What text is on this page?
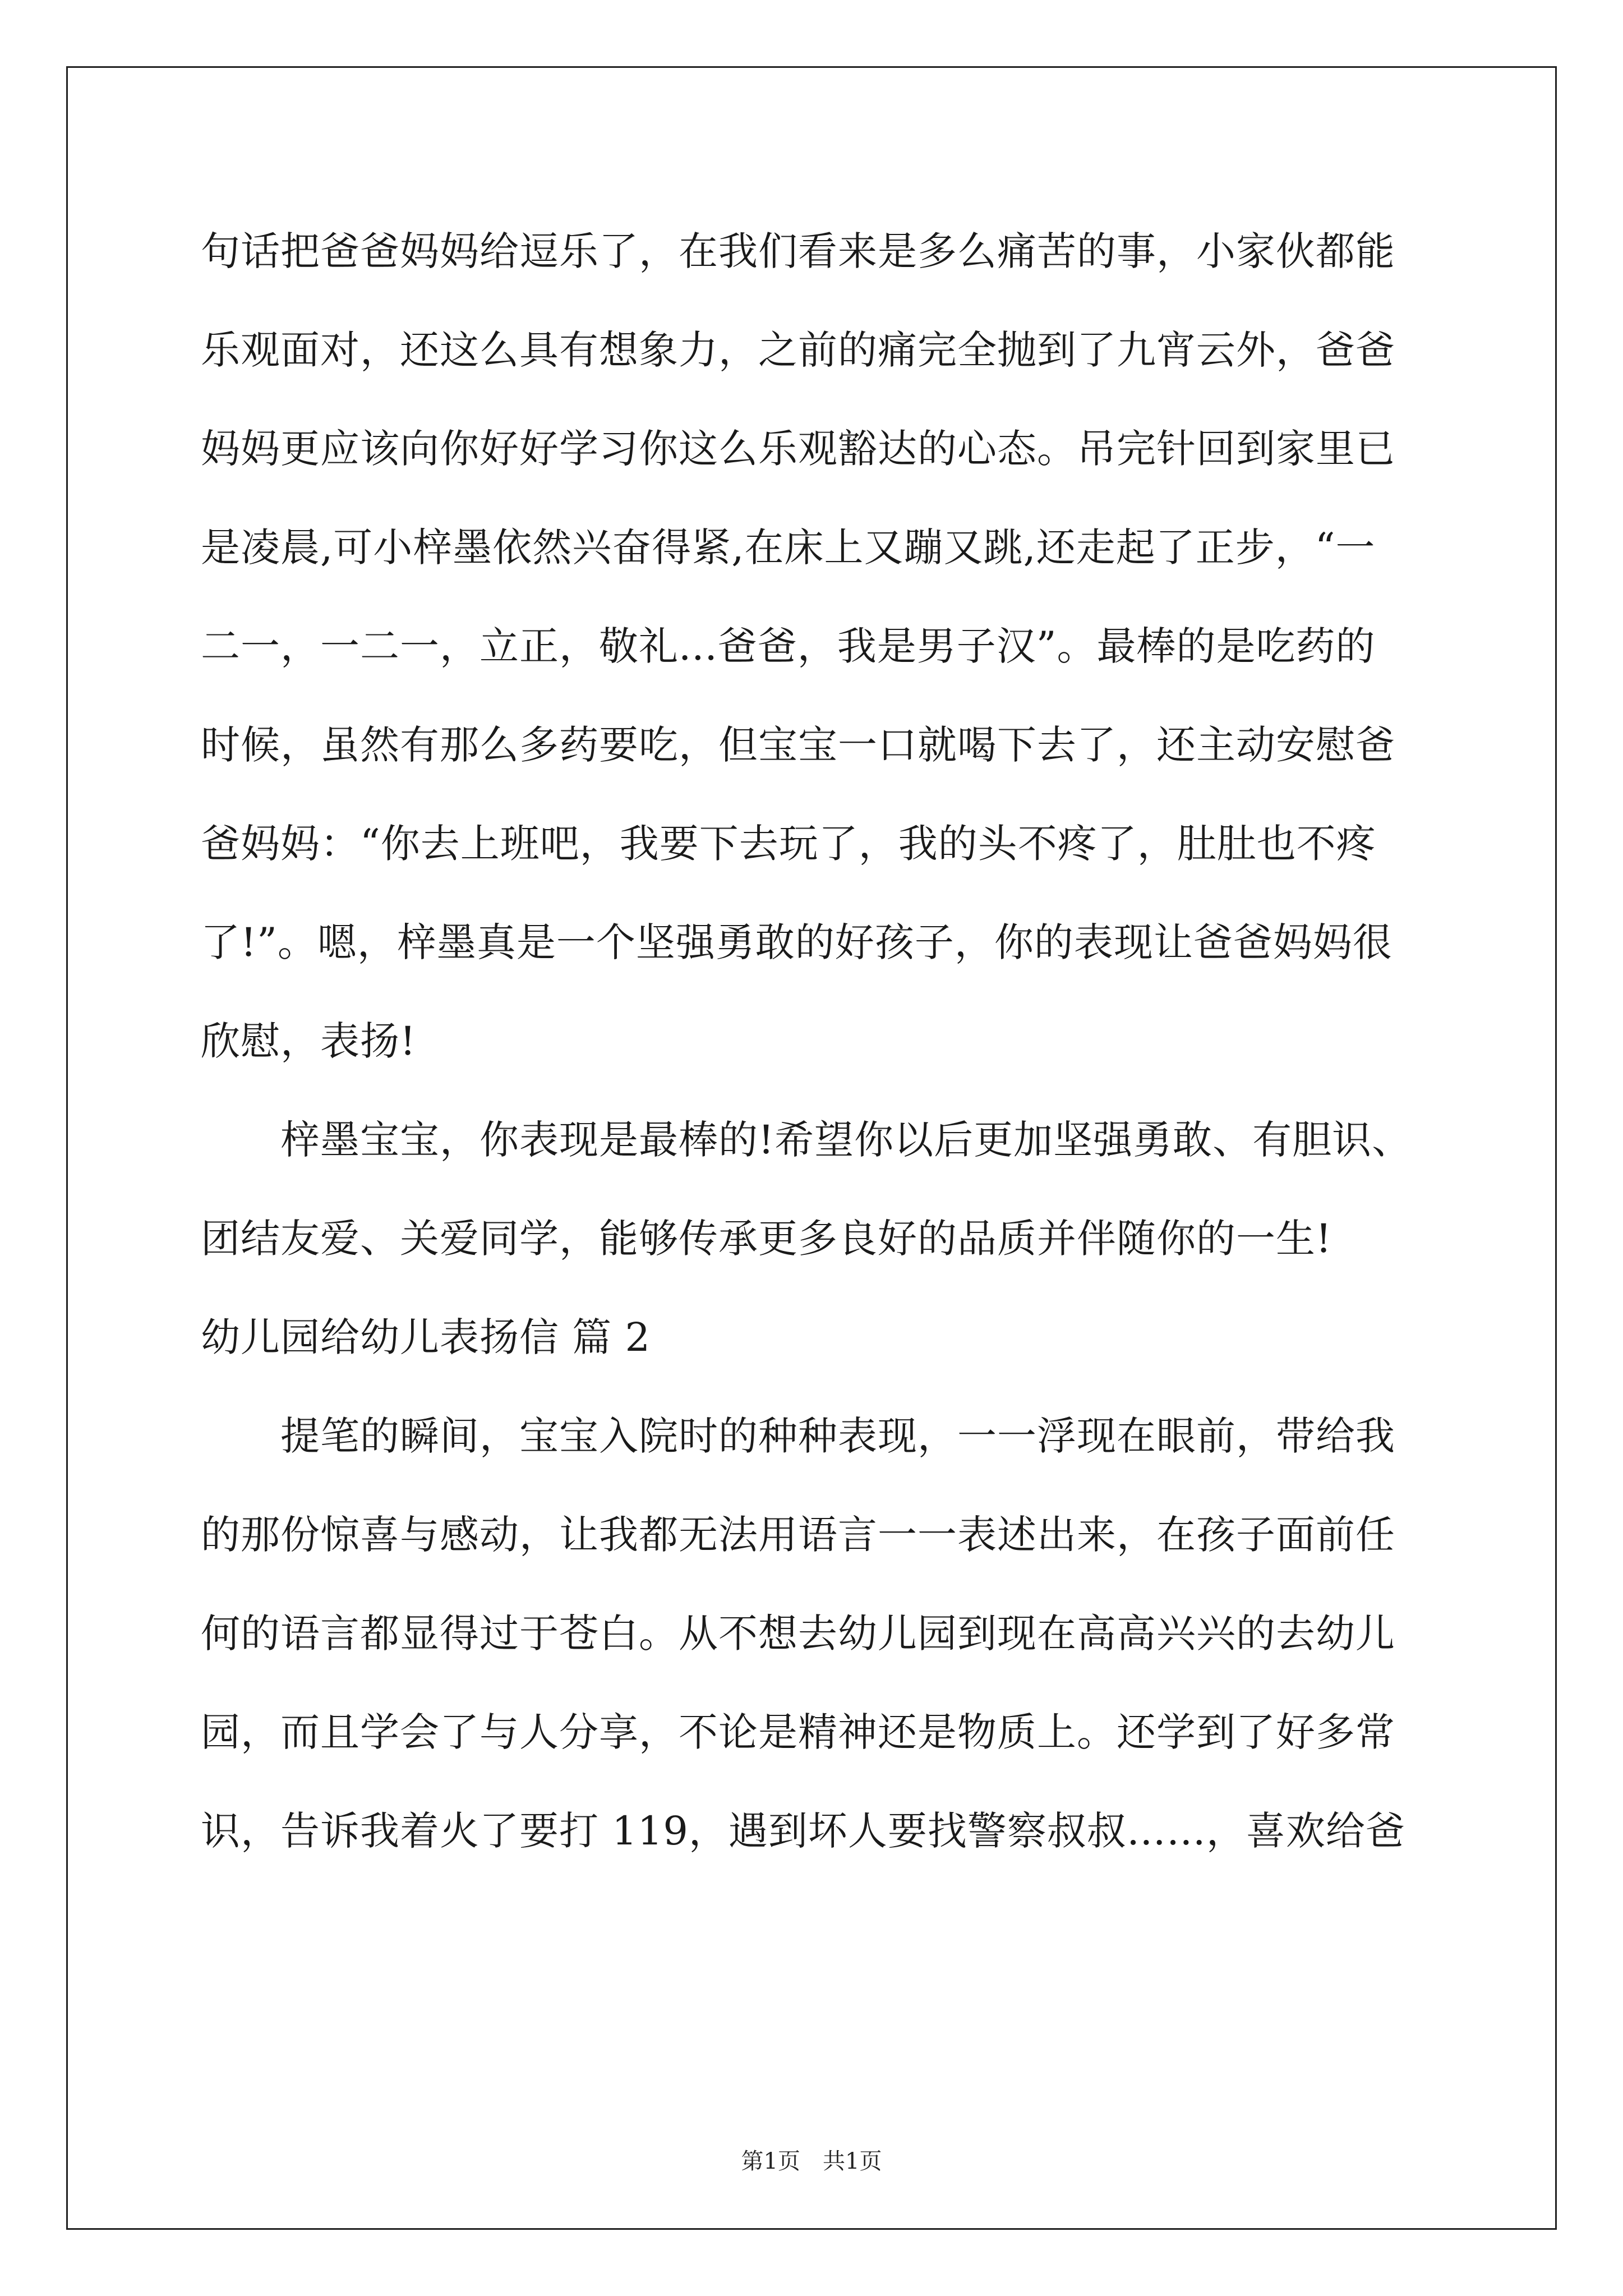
句话把爸爸妈妈给逗乐了，在我们看来是多么痛苦的事，小家伙都能
乐观面对，还这么具有想象力，之前的痛完全抛到了九宵云外，爸爸
妈妈更应该向你好好学习你这么乐观豁达的心态。吊完针回到家里已
是凌晨,可小梓墨依然兴奋得紧,在床上又蹦又跳,还走起了正步，“一
二一，一二一，立正，敬礼...爸爸，我是男子汉”。最棒的是吃药的
时候，虽然有那么多药要吃，但宝宝一口就喝下去了，还主动安慰爸
爸妈妈：“你去上班吧，我要下去玩了，我的头不疼了，肚肚也不疼
了!”。嗯，梓墨真是一个坚强勇敢的好孩子，你的表现让爸爸妈妈很
欣慰，表扬!
梓墨宝宝，你表现是最棒的!希望你以后更加坚强勇敢、有胆识、
团结友爱、关爱同学，能够传承更多良好的品质并伴随你的一生!
幼儿园给幼儿表扬信 篇 2
提笔的瞬间，宝宝入院时的种种表现，一一浮现在眼前，带给我
的那份惊喜与感动，让我都无法用语言一一表述出来，在孩子面前任
何的语言都显得过于苍白。从不想去幼儿园到现在高高兴兴的去幼儿
园，而且学会了与人分享，不论是精神还是物质上。还学到了好多常
识，告诉我着火了要打 119，遇到坏人要找警察叔叔……，喜欢给爸
第1页　共1页
